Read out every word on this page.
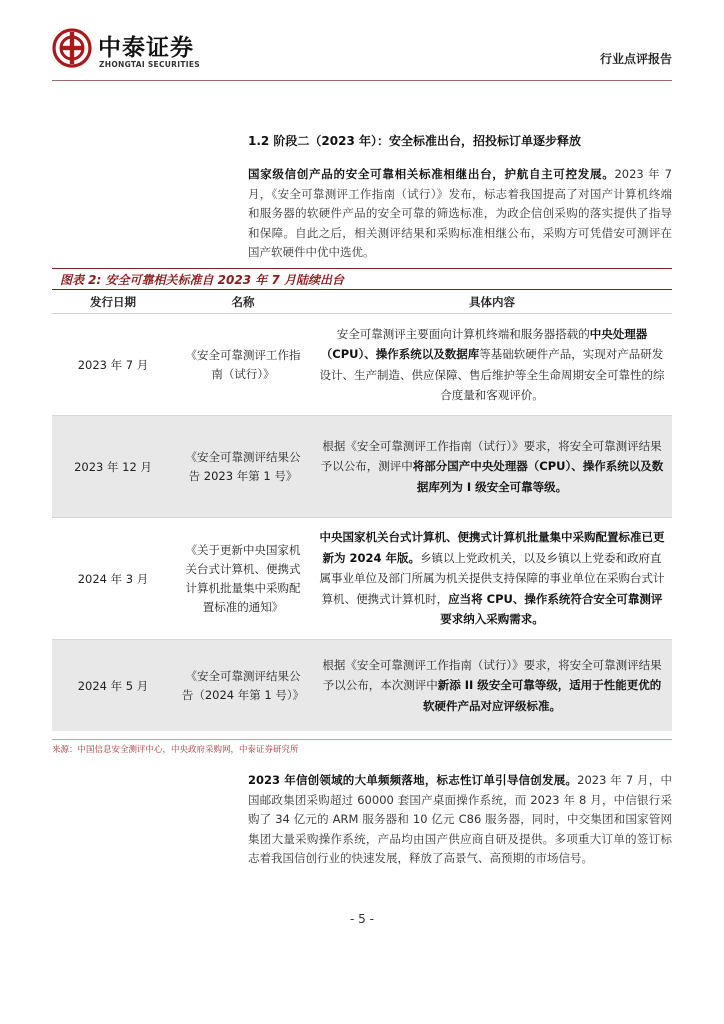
中泰证券
ZHONGTAI SECURITIES	行业点评报告
1.2 阶段二（2023 年）：安全标准出台，招投标订单逐步释放
国家级信创产品的安全可靠相关标准相继出台，护航自主可控发展。2023 年 7 月，《安全可靠测评工作指南（试行）》发布，标志着我国提高了对国产计算机终端和服务器的软硬件产品的安全可靠的筛选标准，为政企信创采购的落实提供了指导和保障。自此之后，相关测评结果和采购标准相继公布，采购方可凭借安可测评在国产软硬件中优中选优。
图表 2: 安全可靠相关标准自 2023 年 7 月陆续出台
发行日期	名称	具体内容
2023 年 7 月	《安全可靠测评工作指南（试行）》	安全可靠测评主要面向计算机终端和服务器搭载的中央处理器（CPU）、操作系统以及数据库等基础软硬件产品，实现对产品研发设计、生产制造、供应保障、售后维护等全生命周期安全可靠性的综合度量和客观评价。
2023 年 12 月	《安全可靠测评结果公告 2023 年第 1 号》	根据《安全可靠测评工作指南（试行）》要求，将安全可靠测评结果予以公布，测评中将部分国产中央处理器（CPU）、操作系统以及数据库列为 I 级安全可靠等级。
2024 年 3 月	《关于更新中央国家机关台式计算机、便携式计算机批量集中采购配置标准的通知》	中央国家机关台式计算机、便携式计算机批量集中采购配置标准已更新为 2024 年版。乡镇以上党政机关，以及乡镇以上党委和政府直属事业单位及部门所属为机关提供支持保障的事业单位在采购台式计算机、便携式计算机时，应当将 CPU、操作系统符合安全可靠测评要求纳入采购需求。
2024 年 5 月	《安全可靠测评结果公告（2024 年第 1 号）》	根据《安全可靠测评工作指南（试行）》要求，将安全可靠测评结果予以公布，本次测评中新添 II 级安全可靠等级，适用于性能更优的软硬件产品对应评级标准。
来源：中国信息安全测评中心，中央政府采购网，中泰证券研究所
2023 年信创领域的大单频频落地，标志性订单引导信创发展。2023 年 7 月，中国邮政集团采购超过 60000 套国产桌面操作系统，而 2023 年 8 月，中信银行采购了 34 亿元的 ARM 服务器和 10 亿元 C86 服务器，同时，中交集团和国家管网集团大量采购操作系统，产品均由国产供应商自研及提供。多项重大订单的签订标志着我国信创行业的快速发展，释放了高景气、高预期的市场信号。
- 5 -
